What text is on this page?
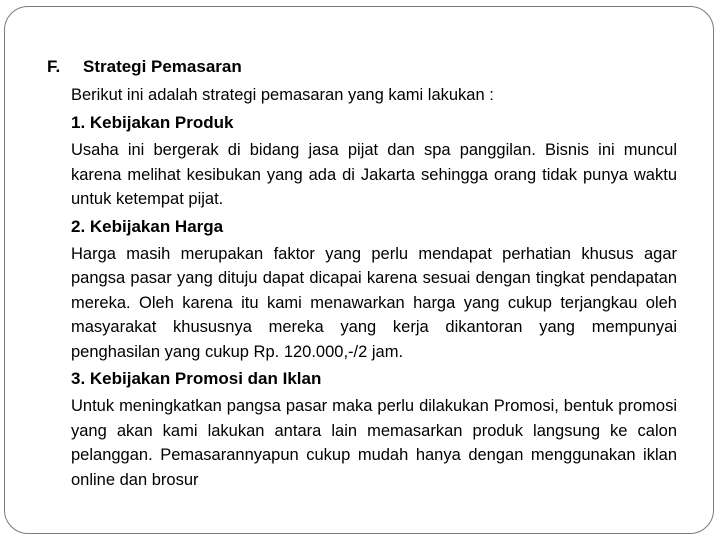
F.	Strategi Pemasaran
Berikut ini adalah strategi pemasaran yang kami lakukan :
1. Kebijakan Produk
Usaha ini bergerak di bidang jasa pijat dan spa panggilan. Bisnis ini muncul karena melihat kesibukan yang ada di Jakarta sehingga orang tidak punya waktu untuk ketempat pijat.
2. Kebijakan Harga
Harga masih merupakan faktor yang perlu mendapat perhatian khusus agar pangsa pasar yang dituju dapat dicapai karena sesuai dengan tingkat pendapatan mereka. Oleh karena itu kami menawarkan harga yang cukup terjangkau oleh masyarakat khususnya mereka yang kerja dikantoran yang mempunyai penghasilan yang cukup Rp. 120.000,-/2 jam.
3. Kebijakan Promosi dan Iklan
Untuk meningkatkan pangsa pasar maka perlu dilakukan Promosi, bentuk promosi yang akan kami lakukan antara lain memasarkan produk langsung ke calon pelanggan. Pemasarannyapun cukup mudah hanya dengan menggunakan iklan online dan brosur
